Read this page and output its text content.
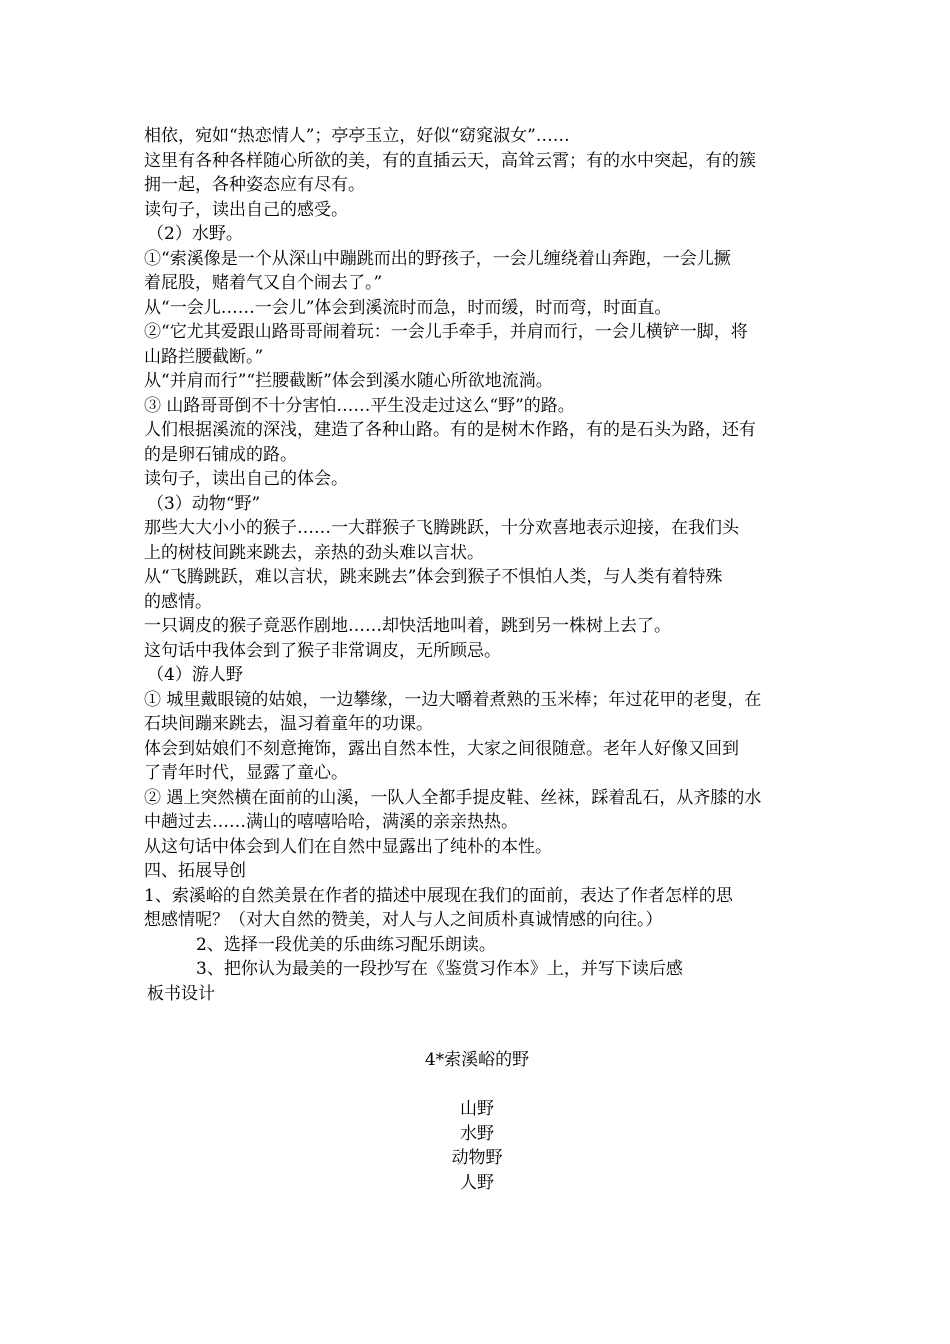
相依，宛如“热恋情人”；亭亭玉立，好似“窈窕淑女”……
这里有各种各样随心所欲的美，有的直插云天，高耸云霄；有的水中突起，有的簇
拥一起，各种姿态应有尽有。
读句子，读出自己的感受。
（2）水野。
①“索溪像是一个从深山中蹦跳而出的野孩子，一会儿缠绕着山奔跑，一会儿撅
着屁股，赌着气又自个闹去了。”
从“一会儿……一会儿”体会到溪流时而急，时而缓，时而弯，时面直。
②“它尤其爱跟山路哥哥闹着玩：一会儿手牵手，并肩而行，一会儿横铲一脚，将
山路拦腰截断。”
从“并肩而行”“拦腰截断”体会到溪水随心所欲地流淌。
③ 山路哥哥倒不十分害怕……平生没走过这么“野”的路。
人们根据溪流的深浅，建造了各种山路。有的是树木作路，有的是石头为路，还有
的是卵石铺成的路。
读句子，读出自己的体会。
（3）动物“野”
那些大大小小的猴子……一大群猴子飞腾跳跃，十分欢喜地表示迎接，在我们头
上的树枝间跳来跳去，亲热的劲头难以言状。
从“飞腾跳跃，难以言状，跳来跳去”体会到猴子不惧怕人类，与人类有着特殊
的感情。
一只调皮的猴子竟恶作剧地……却快活地叫着，跳到另一株树上去了。
这句话中我体会到了猴子非常调皮，无所顾忌。
（4）游人野
① 城里戴眼镜的姑娘，一边攀缘，一边大嚼着煮熟的玉米棒；年过花甲的老叟，在
石块间蹦来跳去，温习着童年的功课。
体会到姑娘们不刻意掩饰，露出自然本性，大家之间很随意。老年人好像又回到
了青年时代，显露了童心。
② 遇上突然横在面前的山溪，一队人全都手提皮鞋、丝袜，踩着乱石，从齐膝的水
中趟过去……满山的嘻嘻哈哈，满溪的亲亲热热。
从这句话中体会到人们在自然中显露出了纯朴的本性。
四、拓展导创
1、索溪峪的自然美景在作者的描述中展现在我们的面前，表达了作者怎样的思
想感情呢？（对大自然的赞美，对人与人之间质朴真诚情感的向往。）
2、选择一段优美的乐曲练习配乐朗读。
3、把你认为最美的一段抄写在《鉴赏习作本》上，并写下读后感
板书设计
4*索溪峪的野
山野
水野
动物野
人野
